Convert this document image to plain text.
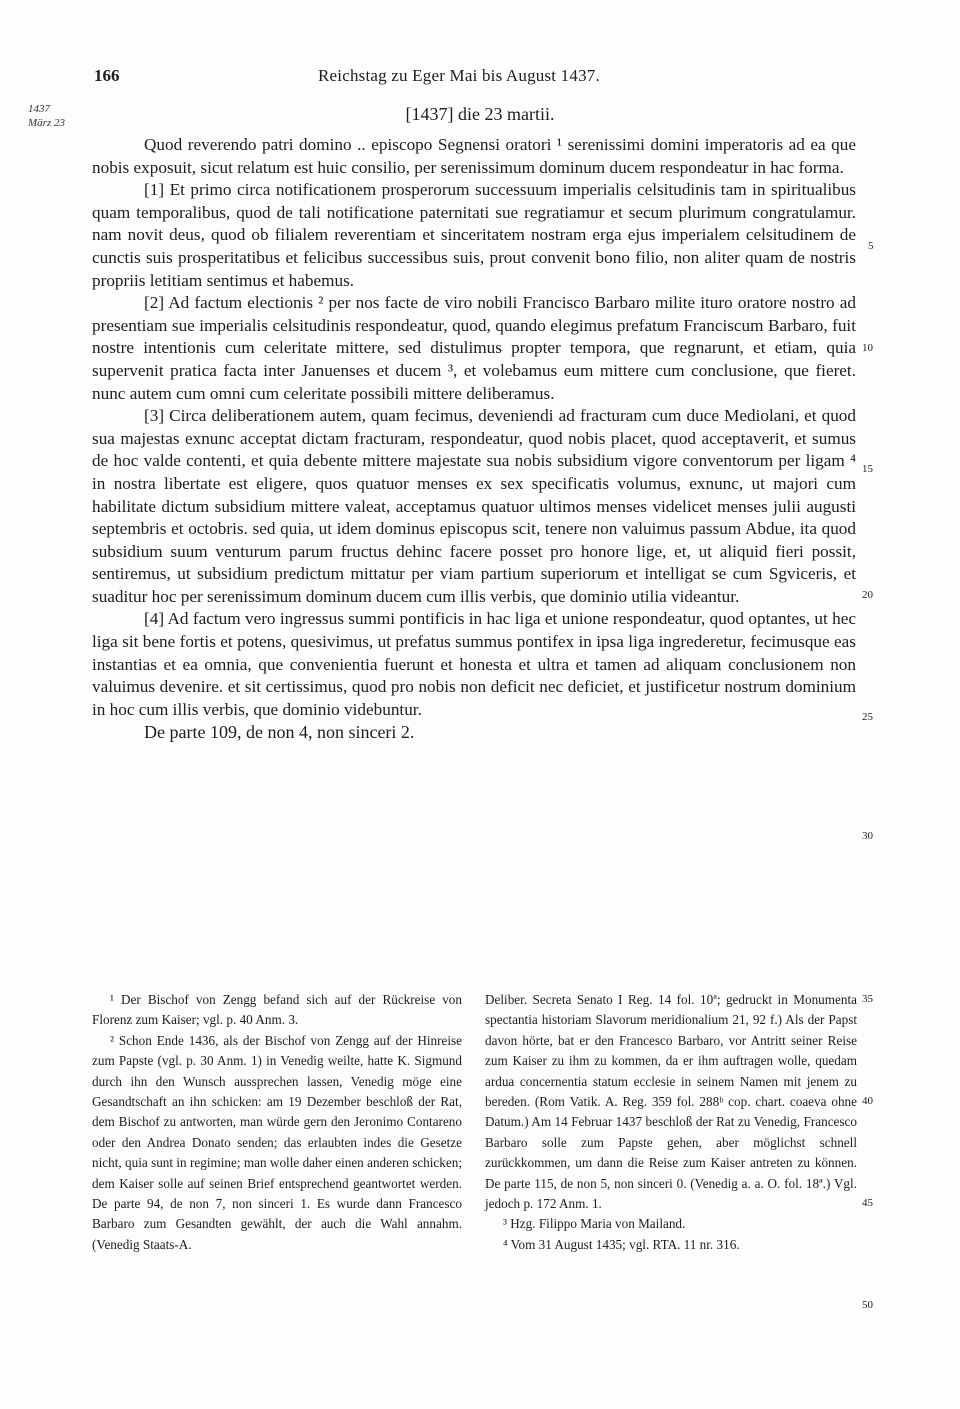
166	Reichstag zu Eger Mai bis August 1437.
1437
März 23	[1437] die 23 martii.

Quod reverendo patri domino .. episcopo Segnensi oratori ¹ serenissimi domini imperatoris ad ea que nobis exposuit, sicut relatum est huic consilio, per serenissimum dominum ducem respondeatur in hac forma.

[1] Et primo circa notificationem prosperorum successuum imperialis celsitudinis tam in spiritualibus quam temporalibus, quod de tali notificatione paternitati sue regratiamur et secum plurimum congratulamur. nam novit deus, quod ob filialem reverentiam et sinceritatem nostram erga ejus imperialem celsitudinem de cunctis suis prosperitatibus et felicibus successibus suis, prout convenit bono filio, non aliter quam de nostris propriis letitiam sentimus et habemus.

[2] Ad factum electionis ² per nos facte de viro nobili Francisco Barbaro milite ituro oratore nostro ad presentiam sue imperialis celsitudinis respondeatur, quod, quando elegimus prefatum Franciscum Barbaro, fuit nostre intentionis cum celeritate mittere, sed distulimus propter tempora, que regnarunt, et etiam, quia supervenit pratica facta inter Januenses et ducem ³, et volebamus eum mittere cum conclusione, que fieret. nunc autem cum omni cum celeritate possibili mittere deliberamus.

[3] Circa deliberationem autem, quam fecimus, deveniendi ad fracturam cum duce Mediolani, et quod sua majestas exnunc acceptat dictam fracturam, respondeatur, quod nobis placet, quod acceptaverit, et sumus de hoc valde contenti, et quia debente mittere majestate sua nobis subsidium vigore conventorum per ligam ⁴ in nostra libertate est eligere, quos quatuor menses ex sex specificatis volumus, exnunc, ut majori cum habilitate dictum subsidium mittere valeat, acceptamus quatuor ultimos menses videlicet menses julii augusti septembris et octobris. sed quia, ut idem dominus episcopus scit, tenere non valuimus passum Abdue, ita quod subsidium suum venturum parum fructus dehinc facere posset pro honore lige, et, ut aliquid fieri possit, sentiremus, ut subsidium predictum mittatur per viam partium superiorum et intelligat se cum Sgviceris, et suaditur hoc per serenissimum dominum ducem cum illis verbis, que dominio utilia videantur.

[4] Ad factum vero ingressus summi pontificis in hac liga et unione respondeatur, quod optantes, ut hec liga sit bene fortis et potens, quesivimus, ut prefatus summus pontifex in ipsa liga ingrederetur, fecimusque eas instantias et ea omnia, que convenientia fuerunt et honesta et ultra et tamen ad aliquam conclusionem non valuimus devenire. et sit certissimus, quod pro nobis non deficit nec deficiet, et justificetur nostrum dominium in hoc cum illis verbis, que dominio videbuntur.

De parte 109, de non 4, non sinceri 2.

5
10
15
20
25
30

¹ Der Bischof von Zengg befand sich auf der Rückreise von Florenz zum Kaiser; vgl. p. 40 Anm. 3.

² Schon Ende 1436, als der Bischof von Zengg auf der Hinreise zum Papste (vgl. p. 30 Anm. 1) in Venedig weilte, hatte K. Sigmund durch ihn den Wunsch aussprechen lassen, Venedig möge eine Gesandtschaft an ihn schicken: am 19 Dezember beschloß der Rat, dem Bischof zu antworten, man würde gern den Jeronimo Contareno oder den Andrea Donato senden; das erlaubten indes die Gesetze nicht, quia sunt in regimine; man wolle daher einen anderen schicken; dem Kaiser solle auf seinen Brief entsprechend geantwortet werden. De parte 94, de non 7, non sinceri 1. Es wurde dann Francesco Barbaro zum Gesandten gewählt, der auch die Wahl annahm. (Venedig Staats-A.

Deliber. Secreta Senato I Reg. 14 fol. 10ª; gedruckt in Monumenta spectantia historiam Slavorum meridionalium 21, 92 f.) Als der Papst davon hörte, bat er den Francesco Barbaro, vor Antritt seiner Reise zum Kaiser zu ihm zu kommen, da er ihm auftragen wolle, quedam ardua concernentia statum ecclesie in seinem Namen mit jenem zu bereden. (Rom Vatik. A. Reg. 359 fol. 288ᵇ cop. chart. coaeva ohne Datum.) Am 14 Februar 1437 beschloß der Rat zu Venedig, Francesco Barbaro solle zum Papste gehen, aber möglichst schnell zurückkommen, um dann die Reise zum Kaiser antreten zu können. De parte 115, de non 5, non sinceri 0. (Venedig a. a. O. fol. 18ª.) Vgl. jedoch p. 172 Anm. 1.

³ Hzg. Filippo Maria von Mailand.

⁴ Vom 31 August 1435; vgl. RTA. 11 nr. 316.

35
40
45
50
